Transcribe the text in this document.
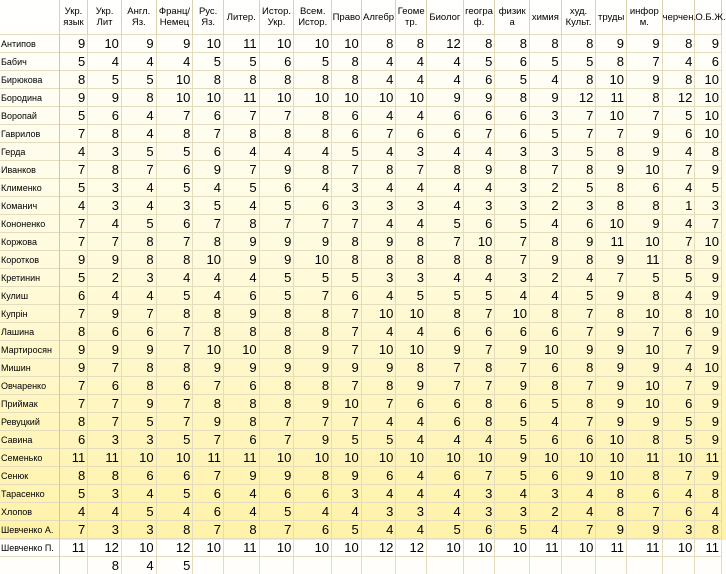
	Укр. язык	Укр. Лит	Англ. Яз.	Франц/ Немец	Рус. Яз.	Литер.	Истор. Укр.	Всем. Истор.	Право	Алгебр	Геоме тр.	Биолог	геогра ф.	физик а	химия	худ. Культ.	труды	инфор м.	черчен.	О.Б.Ж.
Антипов	9	10	9	9	10	11	10	10	10	8	8	12	8	8	8	8	9	9	8	9
Бабич	5	4	4	4	5	5	6	5	8	4	4	4	5	6	5	5	8	7	4	6
Бирюкова	8	5	5	10	8	8	8	8	8	4	4	4	6	5	4	8	10	9	8	10
Бородина	9	9	8	10	10	11	10	10	10	10	10	9	9	8	9	12	11	8	12	10
Воропай	5	6	4	7	6	7	7	8	6	4	4	6	6	6	3	7	10	7	5	10
Гаврилов	7	8	4	8	7	8	8	8	6	7	6	6	7	6	5	7	7	9	6	10
Герда	4	3	5	5	6	4	4	4	5	4	3	4	4	3	3	5	8	9	4	8
Иванков	7	8	7	6	9	7	9	8	7	8	7	8	9	8	7	8	9	10	7	9
Клименко	5	3	4	5	4	5	6	4	3	4	4	4	4	3	2	5	8	6	4	5
Команич	4	3	4	3	5	4	5	6	3	3	3	4	3	3	2	3	8	8	1	3
Кононенко	7	4	5	6	7	8	7	7	7	4	4	5	6	5	4	6	10	9	4	7
Коржова	7	7	8	7	8	9	9	9	8	9	8	7	10	7	8	9	11	10	7	10
Коротков	9	9	8	8	10	9	9	10	8	8	8	8	8	7	9	8	9	11	8	9
Кретинин	5	2	3	4	4	4	5	5	5	3	3	4	4	3	2	4	7	5	5	9
Кулиш	6	4	4	5	4	6	5	7	6	4	5	5	5	4	4	5	9	8	4	9
Купрін	7	9	7	8	8	9	8	8	7	10	10	8	7	10	8	7	8	10	8	10
Лашина	8	6	6	7	8	8	8	8	7	4	4	6	6	6	6	7	9	7	6	9
Мартиросян	9	9	9	7	10	10	8	9	7	10	10	9	7	9	10	9	9	10	7	9
Мишин	9	7	8	8	9	9	9	9	9	9	8	7	8	7	6	8	9	9	4	10
Овчаренко	7	6	8	6	7	6	8	8	7	8	9	7	7	9	8	7	9	10	7	9
Приймак	7	7	9	7	8	8	8	9	10	7	6	6	8	6	5	8	9	10	6	9
Ревуцкий	8	7	5	7	9	8	7	7	7	4	4	6	8	5	4	7	9	9	5	9
Савина	6	3	3	5	7	6	7	9	5	5	4	4	4	5	6	6	10	8	5	9
Семенько	11	11	10	10	11	11	10	10	10	10	10	10	10	9	10	10	10	11	10	11
Сенюк	8	8	6	6	7	9	9	8	9	6	4	6	7	5	6	9	10	8	7	9
Тарасенко	5	3	4	5	6	4	6	6	3	4	4	4	3	4	3	4	8	6	4	8
Хлопов	4	4	5	4	6	4	5	4	4	3	3	4	3	3	2	4	8	7	6	4
Шевченко А.	7	3	3	8	7	8	7	6	5	4	4	5	6	5	4	7	9	9	3	8
Шевченко П.	11	12	10	12	10	11	10	10	10	12	12	10	10	10	11	10	11	11	10	11
		8	4	5																
